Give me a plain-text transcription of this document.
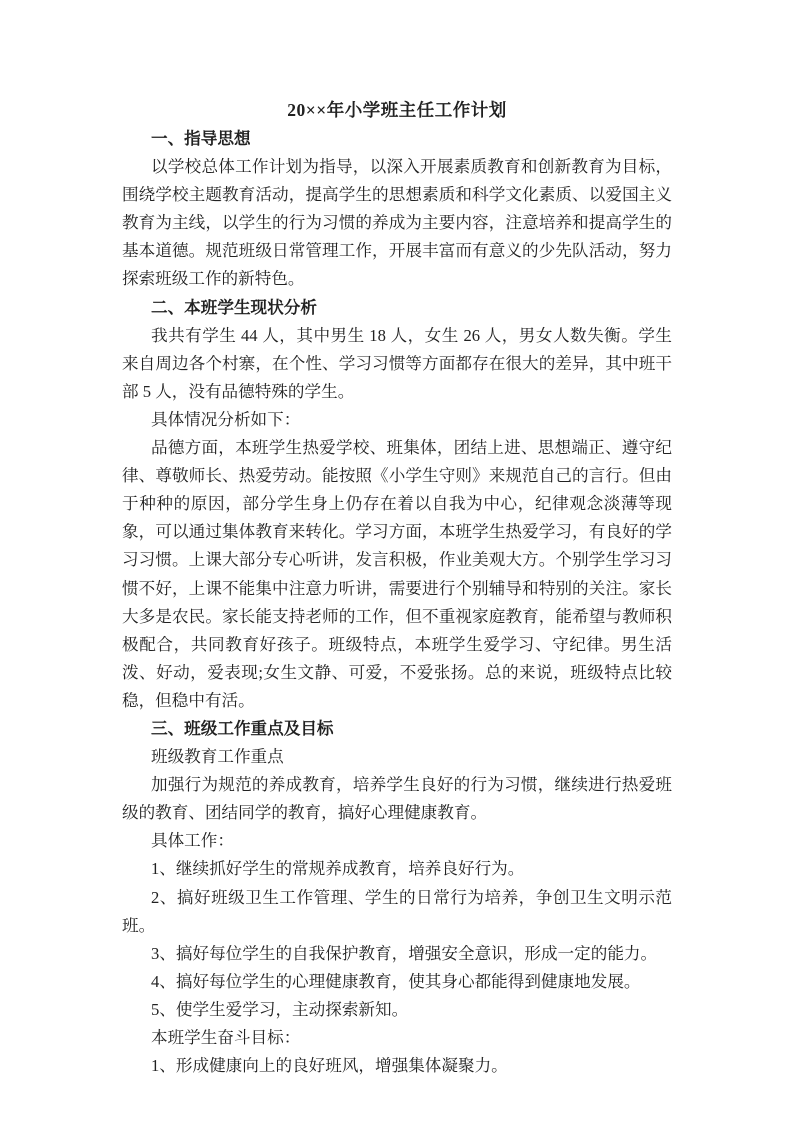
20××年小学班主任工作计划
一、指导思想

以学校总体工作计划为指导，以深入开展素质教育和创新教育为目标，围绕学校主题教育活动，提高学生的思想素质和科学文化素质、以爱国主义教育为主线，以学生的行为习惯的养成为主要内容，注意培养和提高学生的基本道德。规范班级日常管理工作，开展丰富而有意义的少先队活动，努力探索班级工作的新特色。

二、本班学生现状分析

我共有学生 44 人，其中男生 18 人，女生 26 人，男女人数失衡。学生来自周边各个村寨，在个性、学习习惯等方面都存在很大的差异，其中班干部 5 人，没有品德特殊的学生。

具体情况分析如下：

品德方面，本班学生热爱学校、班集体，团结上进、思想端正、遵守纪律、尊敬师长、热爱劳动。能按照《小学生守则》来规范自己的言行。但由于种种的原因，部分学生身上仍存在着以自我为中心，纪律观念淡薄等现象，可以通过集体教育来转化。学习方面，本班学生热爱学习，有良好的学习习惯。上课大部分专心听讲，发言积极，作业美观大方。个别学生学习习惯不好，上课不能集中注意力听讲，需要进行个别辅导和特别的关注。家长大多是农民。家长能支持老师的工作，但不重视家庭教育，能希望与教师积极配合，共同教育好孩子。班级特点，本班学生爱学习、守纪律。男生活泼、好动，爱表现;女生文静、可爱，不爱张扬。总的来说，班级特点比较稳，但稳中有活。

三、班级工作重点及目标

班级教育工作重点

加强行为规范的养成教育，培养学生良好的行为习惯，继续进行热爱班级的教育、团结同学的教育，搞好心理健康教育。

具体工作：

1、继续抓好学生的常规养成教育，培养良好行为。

2、搞好班级卫生工作管理、学生的日常行为培养，争创卫生文明示范班。

3、搞好每位学生的自我保护教育，增强安全意识，形成一定的能力。

4、搞好每位学生的心理健康教育，使其身心都能得到健康地发展。

5、使学生爱学习，主动探索新知。

本班学生奋斗目标：

1、形成健康向上的良好班风，增强集体凝聚力。
